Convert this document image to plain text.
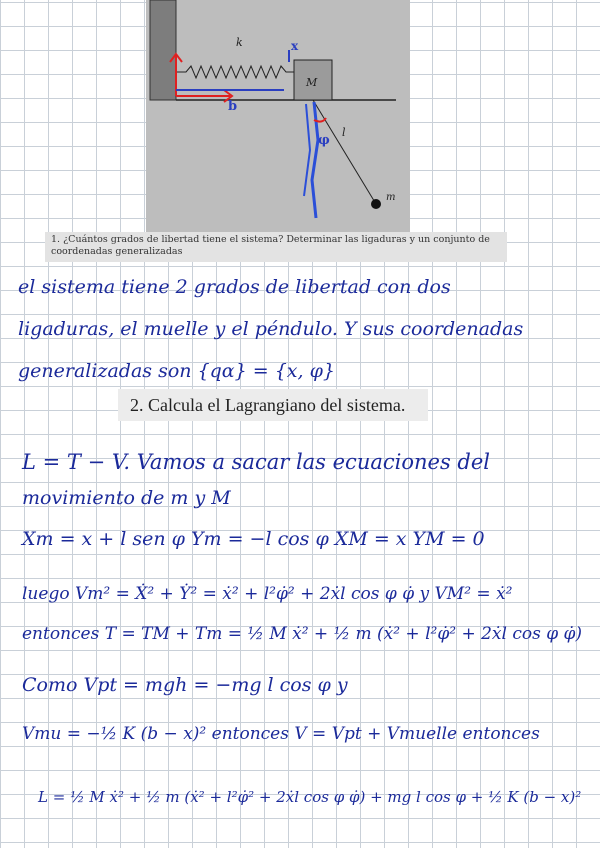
k	x
b
M
l
φ
m
1. ¿Cuántos grados de libertad tiene el sistema? Determinar las ligaduras y un conjunto de coordenadas generalizadas
el sistema tiene 2 grados de libertad con dos
ligaduras, el muelle y el péndulo. Y sus coordenadas
generalizadas son {qα} = {x, φ}
2. Calcula el Lagrangiano del sistema.
L = T − V. Vamos a sacar las ecuaciones del
movimiento de m y M
Xm = x + l sen φ Ym = −l cos φ XM = x YM = 0
luego Vm² = Ẋ² + Ẏ² = ẋ² + l²φ̇² + 2ẋl cos φ φ̇ y VM² = ẋ²
entonces T = TM + Tm = ½ M ẋ² + ½ m (ẋ² + l²φ̇² + 2ẋl cos φ φ̇)
Como Vpt = mgh = −mg l cos φ y
Vmu = −½ K (b − x)² entonces V = Vpt + Vmuelle entonces
L = ½ M ẋ² + ½ m (ẋ² + l²φ̇² + 2ẋl cos φ φ̇) + mg l cos φ + ½ K (b − x)²
